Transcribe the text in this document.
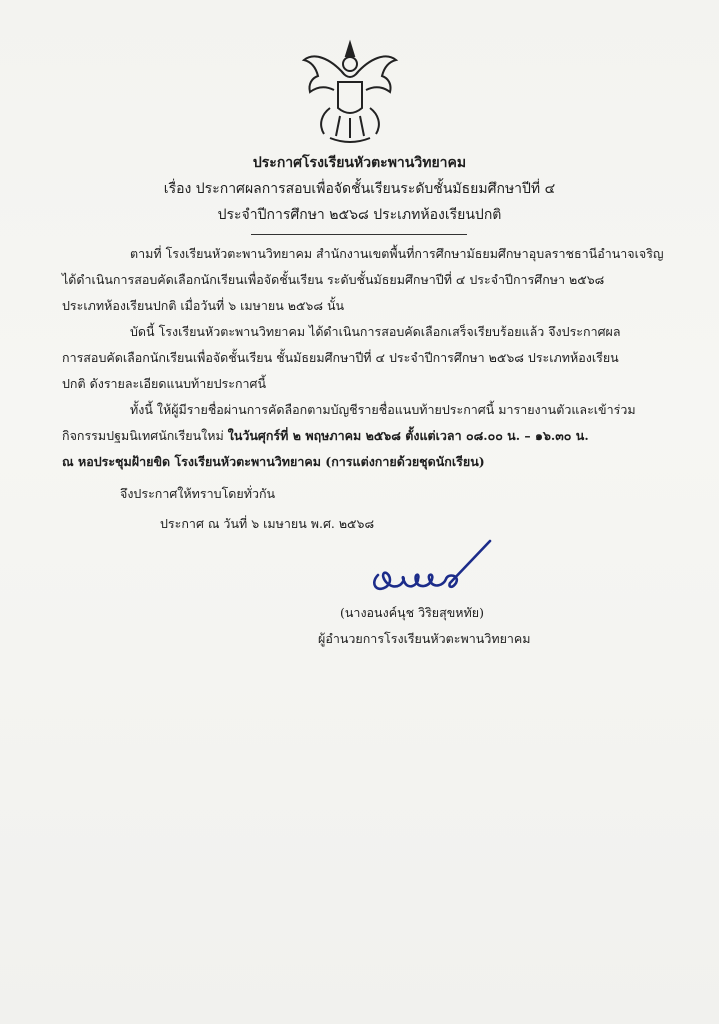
ประกาศโรงเรียนหัวตะพานวิทยาคม
เรื่อง ประกาศผลการสอบเพื่อจัดชั้นเรียนระดับชั้นมัธยมศึกษาปีที่ ๔
ประจำปีการศึกษา ๒๕๖๘ ประเภทห้องเรียนปกติ
ตามที่ โรงเรียนหัวตะพานวิทยาคม สำนักงานเขตพื้นที่การศึกษามัธยมศึกษาอุบลราชธานีอำนาจเจริญ
ได้ดำเนินการสอบคัดเลือกนักเรียนเพื่อจัดชั้นเรียน ระดับชั้นมัธยมศึกษาปีที่ ๔ ประจำปีการศึกษา ๒๕๖๘
ประเภทห้องเรียนปกติ เมื่อวันที่ ๖ เมษายน ๒๕๖๘ นั้น
บัดนี้ โรงเรียนหัวตะพานวิทยาคม ได้ดำเนินการสอบคัดเลือกเสร็จเรียบร้อยแล้ว จึงประกาศผล
การสอบคัดเลือกนักเรียนเพื่อจัดชั้นเรียน ชั้นมัธยมศึกษาปีที่ ๔ ประจำปีการศึกษา ๒๕๖๘ ประเภทห้องเรียน
ปกติ ดังรายละเอียดแนบท้ายประกาศนี้
ทั้งนี้ ให้ผู้มีรายชื่อผ่านการคัดลือกตามบัญชีรายชื่อแนบท้ายประกาศนี้ มารายงานตัวและเข้าร่วม
กิจกรรมปฐมนิเทศนักเรียนใหม่ ในวันศุกร์ที่ ๒ พฤษภาคม ๒๕๖๘ ตั้งแต่เวลา ๐๘.๐๐ น. – ๑๖.๓๐ น.
ณ หอประชุมฝ้ายขิด โรงเรียนหัวตะพานวิทยาคม (การแต่งกายด้วยชุดนักเรียน)
จึงประกาศให้ทราบโดยทั่วกัน
ประกาศ ณ วันที่ ๖ เมษายน พ.ศ. ๒๕๖๘
(นางอนงค์นุช วิริยสุขหทัย)
ผู้อำนวยการโรงเรียนหัวตะพานวิทยาคม
